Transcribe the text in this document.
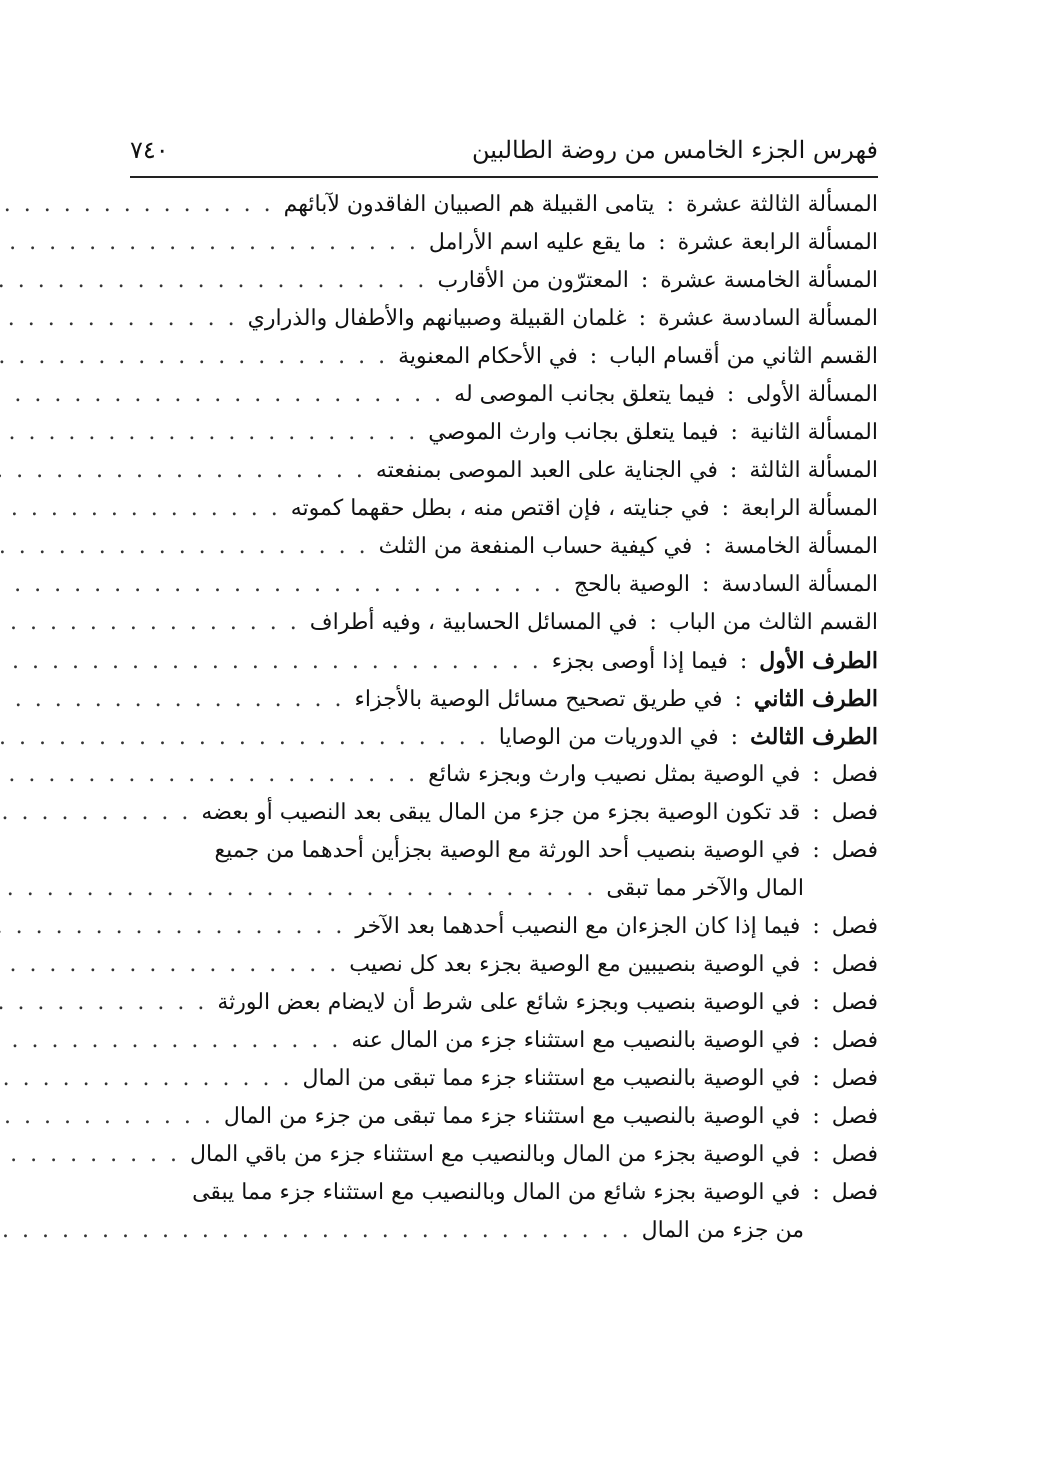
فهرس الجزء الخامس من روضة الطالبين
٧٤٠
المسألة الثالثة عشرة
:
يتامى القبيلة هم الصبيان الفاقدون لآبائهم
. . .
المسألة الرابعة عشرة
:
ما يقع عليه اسم الأرامل
. . .
المسألة الخامسة عشرة
:
المعترّون من الأقارب
. . .
المسألة السادسة عشرة
:
غلمان القبيلة وصبيانهم والأطفال والذراري
. . .
القسم الثاني من أقسام الباب
:
في الأحكام المعنوية
. . .
المسألة الأولى
:
فيما يتعلق بجانب الموصى له
. . .
المسألة الثانية
:
فيما يتعلق بجانب وارث الموصي
. . .
المسألة الثالثة
:
في الجناية على العبد الموصى بمنفعته
. . .
المسألة الرابعة
:
في جنايته ، فإن اقتص منه ، بطل حقهما كموته
. . .
المسألة الخامسة
:
في كيفية حساب المنفعة من الثلث
. . .
المسألة السادسة
:
الوصية بالحج
. . .
القسم الثالث من الباب
:
في المسائل الحسابية ، وفيه أطراف
. . .
الطرف الأول
:
فيما إذا أوصى بجزء
. . .
الطرف الثاني
:
في طريق تصحيح مسائل الوصية بالأجزاء
. . .
الطرف الثالث
:
في الدوريات من الوصايا
. . .
فصل
:
في الوصية بمثل نصيب وارث وبجزء شائع
. . .
فصل
:
قد تكون الوصية بجزء من جزء من المال يبقى بعد النصيب أو بعضه
. . .
فصل
:
في الوصية بنصيب أحد الورثة مع الوصية بجزأين أحدهما من جميع
المال والآخر مما تبقى
. . .
فصل
:
فيما إذا كان الجزءان مع النصيب أحدهما بعد الآخر
. . .
فصل
:
في الوصية بنصيبين مع الوصية بجزء بعد كل نصيب
. . .
فصل
:
في الوصية بنصيب وبجزء شائع على شرط أن لايضام بعض الورثة
. . .
فصل
:
في الوصية بالنصيب مع استثناء جزء من المال عنه
. . .
فصل
:
في الوصية بالنصيب مع استثناء جزء مما تبقى من المال
. . .
فصل
:
في الوصية بالنصيب مع استثناء جزء مما تبقى من جزء من المال
. . .
فصل
:
في الوصية بجزء من المال وبالنصيب مع استثناء جزء من باقي المال
. . .
فصل
:
في الوصية بجزء شائع من المال وبالنصيب مع استثناء جزء مما يبقى
من جزء من المال
. . .
